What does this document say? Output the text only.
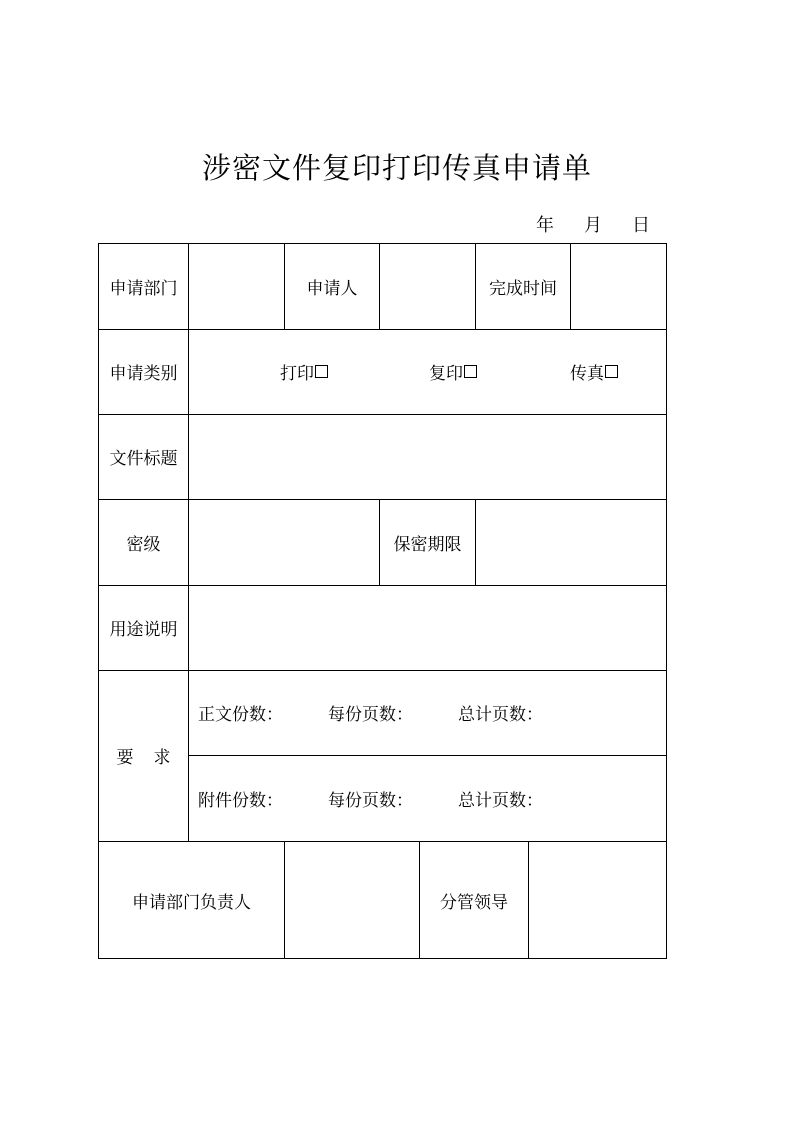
涉密文件复印打印传真申请单
年 月 日
申请部门	申请人	完成时间
申请类别	打印	复印	传真
文件标题
密级	保密期限
用途说明
要 求
正文份数：	每份页数：	总计页数：
附件份数：	每份页数：	总计页数：
申请部门负责人	分管领导
